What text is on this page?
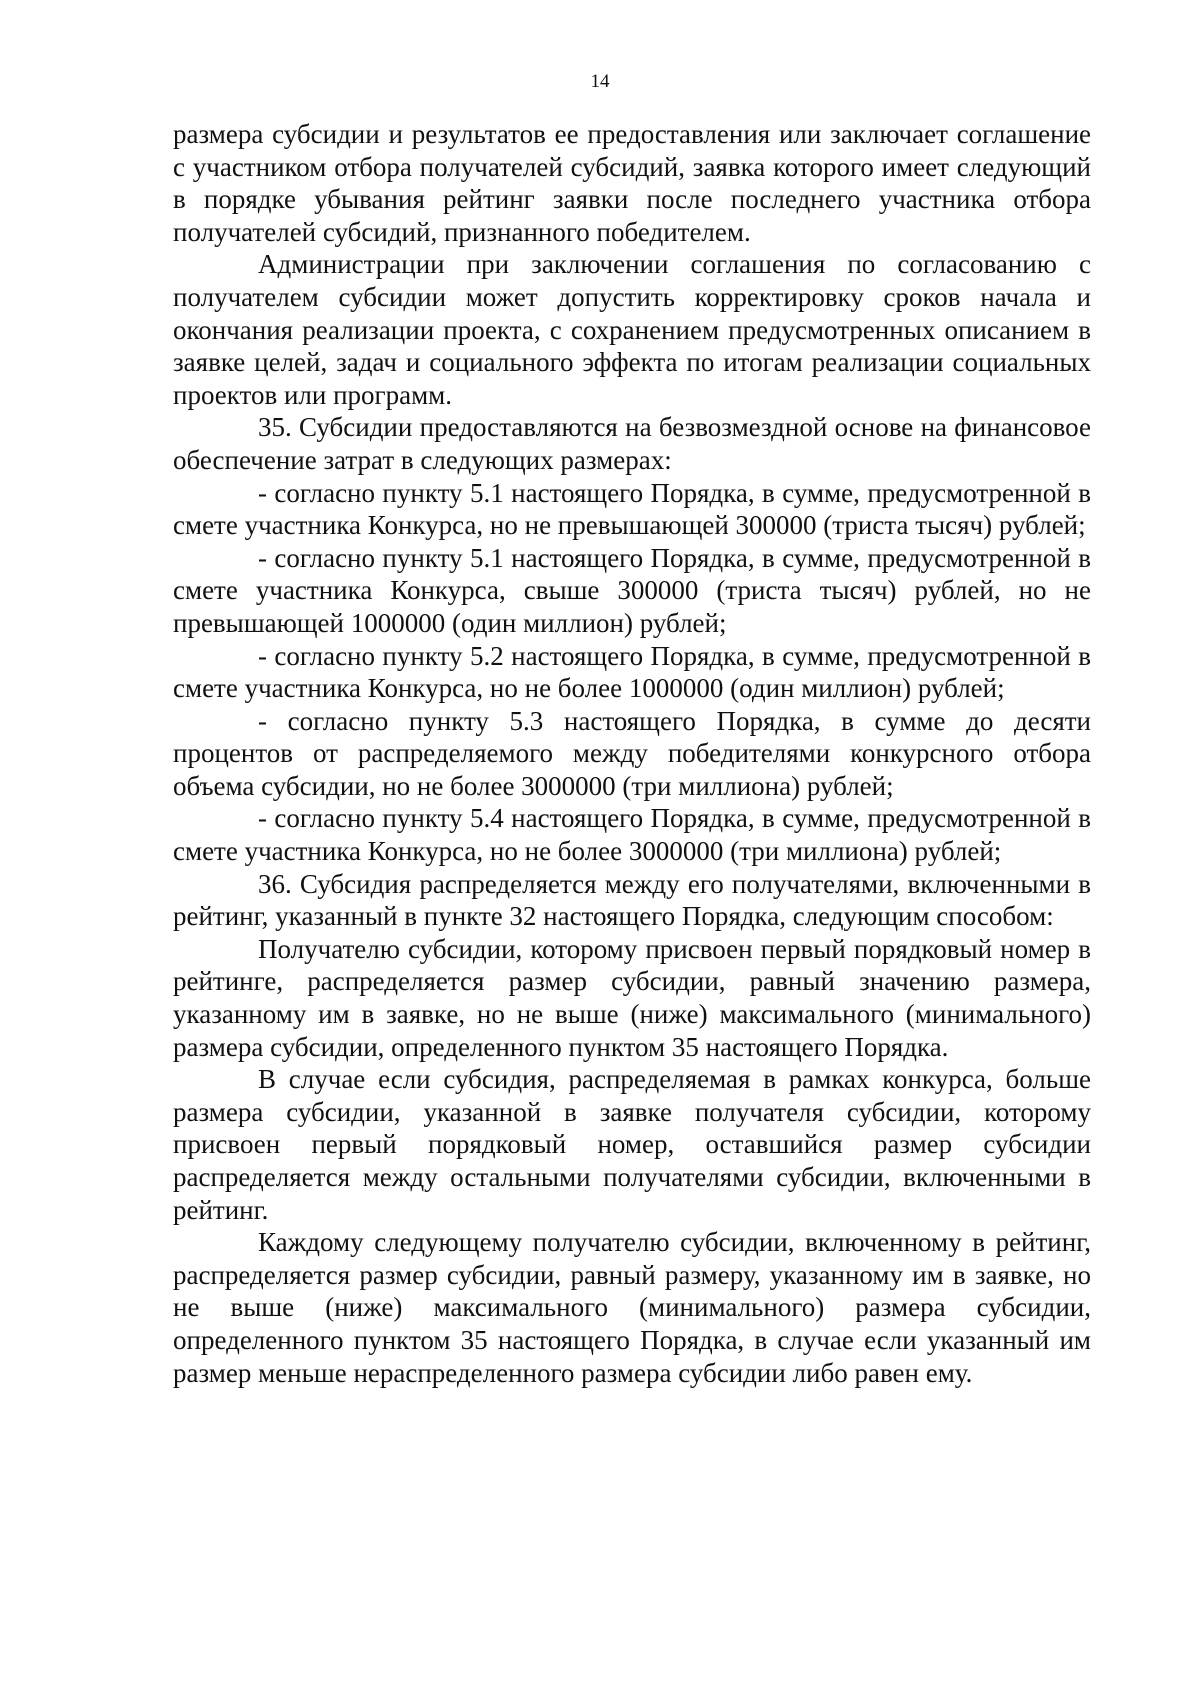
14

размера субсидии и результатов ее предоставления или заключает соглашение с участником отбора получателей субсидий, заявка которого имеет следующий в порядке убывания рейтинг заявки после последнего участника отбора получателей субсидий, признанного победителем.

Администрации при заключении соглашения по согласованию с получателем субсидии может допустить корректировку сроков начала и окончания реализации проекта, с сохранением предусмотренных описанием в заявке целей, задач и социального эффекта по итогам реализации социальных проектов или программ.

35. Субсидии предоставляются на безвозмездной основе на финансовое обеспечение затрат в следующих размерах:

- согласно пункту 5.1 настоящего Порядка, в сумме, предусмотренной в смете участника Конкурса, но не превышающей 300000 (триста тысяч) рублей;

- согласно пункту 5.1 настоящего Порядка, в сумме, предусмотренной в смете участника Конкурса, свыше 300000 (триста тысяч) рублей, но не превышающей 1000000 (один миллион) рублей;

- согласно пункту 5.2 настоящего Порядка, в сумме, предусмотренной в смете участника Конкурса, но не более 1000000 (один миллион) рублей;

- согласно пункту 5.3 настоящего Порядка, в сумме до десяти процентов от распределяемого между победителями конкурсного отбора объема субсидии, но не более 3000000 (три миллиона) рублей;

- согласно пункту 5.4 настоящего Порядка, в сумме, предусмотренной в смете участника Конкурса, но не более 3000000 (три миллиона) рублей;

36. Субсидия распределяется между его получателями, включенными в рейтинг, указанный в пункте 32 настоящего Порядка, следующим способом:

Получателю субсидии, которому присвоен первый порядковый номер в рейтинге, распределяется размер субсидии, равный значению размера, указанному им в заявке, но не выше (ниже) максимального (минимального) размера субсидии, определенного пунктом 35 настоящего Порядка.

В случае если субсидия, распределяемая в рамках конкурса, больше размера субсидии, указанной в заявке получателя субсидии, которому присвоен первый порядковый номер, оставшийся размер субсидии распределяется между остальными получателями субсидии, включенными в рейтинг.

Каждому следующему получателю субсидии, включенному в рейтинг, распределяется размер субсидии, равный размеру, указанному им в заявке, но не выше (ниже) максимального (минимального) размера субсидии, определенного пунктом 35 настоящего Порядка, в случае если указанный им размер меньше нераспределенного размера субсидии либо равен ему.
